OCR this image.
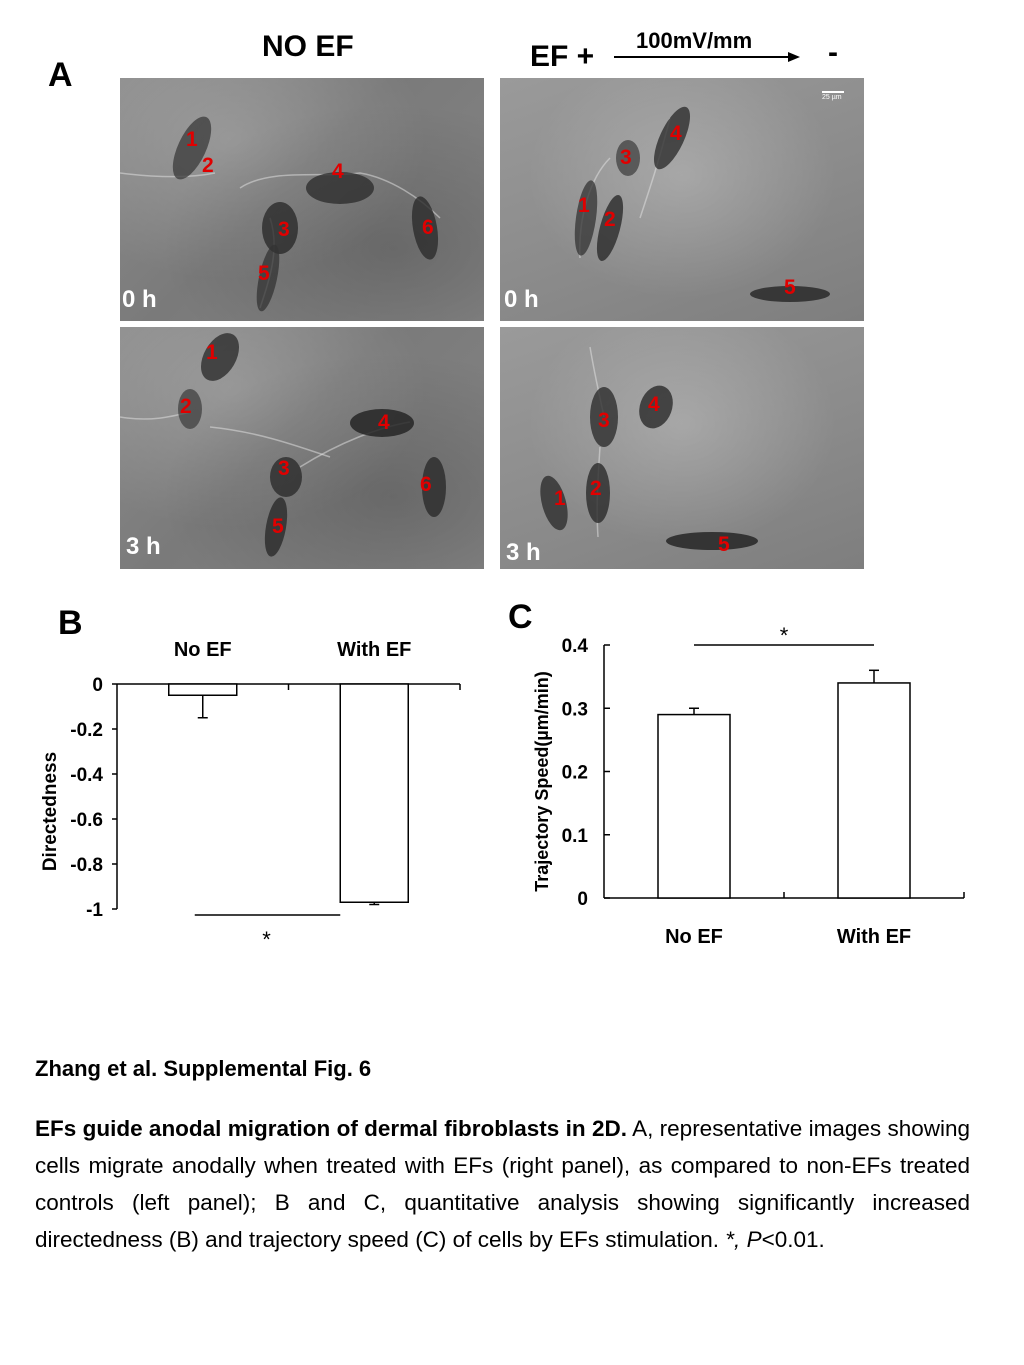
A
NO EF	EF + 100mV/mm	-
1
2
3
4
5
6
0 h
25 µm
1
2
3
4
5
0 h
1
2
3
4
5
6
3 h
3
4
1 2
5
3 h
B
0
-0.2
-0.4
-0.6
-0.8
-1
No EF	With EF
*
Directedness
C
0.4
0.3
0.2
0.1
0
No EF	With EF
*
Trajectory Speed(µm/min)
Zhang et al. Supplemental Fig. 6
EFs guide anodal migration of dermal fibroblasts in 2D. A, representative images showing cells migrate anodally when treated with EFs (right panel), as compared to non-EFs treated controls (left panel); B and C, quantitative analysis showing significantly increased directedness (B) and trajectory speed (C) of cells by EFs stimulation. *, P<0.01.
